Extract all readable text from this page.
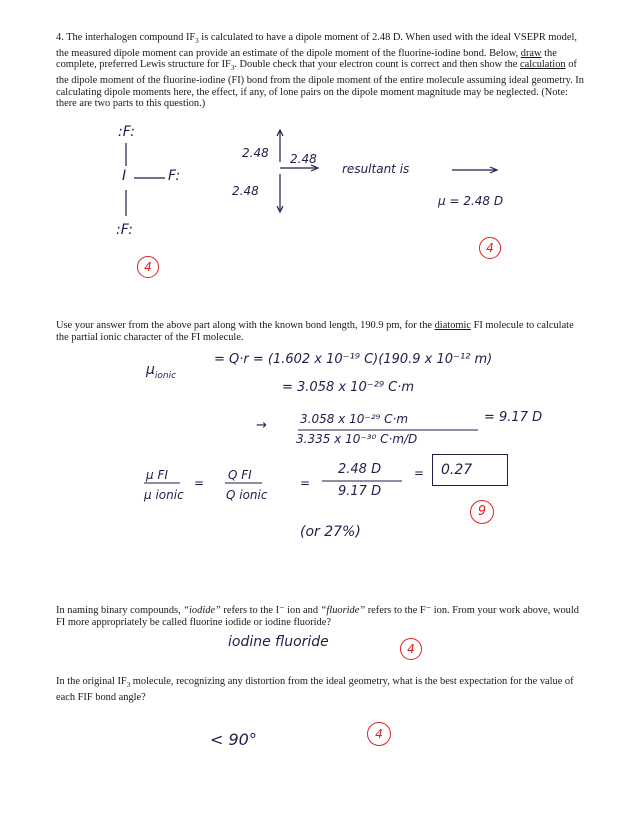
4. The interhalogen compound $IF_3$ is calculated to have a dipole moment of 2.48 D. When used with the ideal VSEPR model, the measured dipole moment can provide an estimate of the dipole moment of the fluorine-iodine bond. Below, draw the complete, preferred Lewis structure for $IF_3$. Double check that your electron count is correct and then show the calculation of the dipole moment of the fluorine-iodine (FI) bond from the dipole moment of the entire molecule assuming ideal geometry. In calculating dipole moments here, the effect, if any, of lone pairs on the dipole moment magnitude may be neglected. (Note: there are two parts to this question.)
:F:
I	F:
:F:
2.48 2.48
2.48
resultant is
μ = 2.48 D
4
4
Use your answer from the above part along with the known bond length, 190.9 pm, for the diatomic FI molecule to calculate the partial ionic character of the FI molecule.
$\mu_{ionic}$
= Q·r = (1.602 x 10⁻¹⁹ C)(190.9 x 10⁻¹² m)
= 3.058 x 10⁻²⁹ C·m
→	3.058 x 10⁻²⁹ C·m
3.335 x 10⁻³⁰ C·m/D
= 9.17 D
μ FI
μ ionic
=
Q FI
Q ionic
=
2.48 D
9.17 D
=	0.27
9
(or 27%)
In naming binary compounds, “iodide” refers to the I⁻ ion and “fluoride” refers to the F⁻ ion. From your work above, would FI more appropriately be called fluorine iodide or iodine fluoride?
iodine fluoride	4
In the original $IF_3$ molecule, recognizing any distortion from the ideal geometry, what is the best expectation for the value of each FIF bond angle?
< 90°	4
